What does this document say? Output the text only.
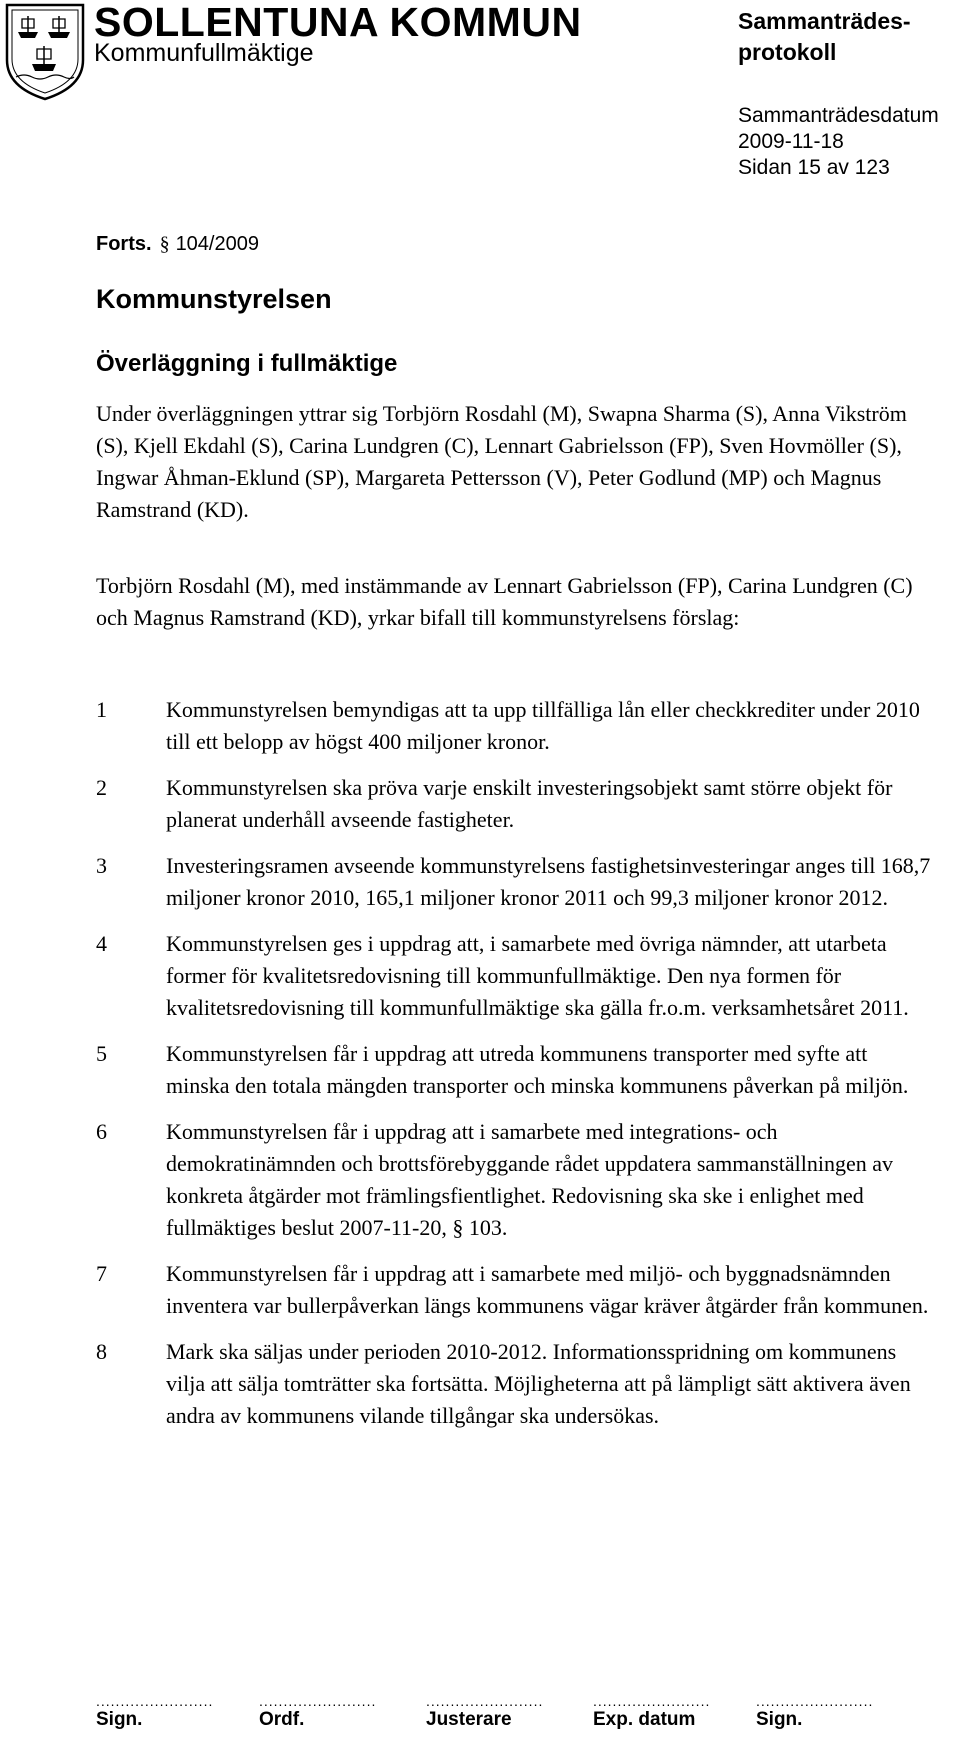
SOLLENTUNA KOMMUN
Kommunfullmäktige
Sammanträdes-
protokoll
Sammanträdesdatum
2009-11-18
Sidan 15 av 123
Forts. § 104/2009
Kommunstyrelsen
Överläggning i fullmäktige
Under överläggningen yttrar sig Torbjörn Rosdahl (M), Swapna Sharma (S), Anna Vikström (S), Kjell Ekdahl (S), Carina Lundgren (C), Lennart Gabrielsson (FP), Sven Hovmöller (S), Ingwar Åhman-Eklund (SP), Margareta Pettersson (V), Peter Godlund (MP) och Magnus Ramstrand (KD).
Torbjörn Rosdahl (M), med instämmande av Lennart Gabrielsson (FP), Carina Lundgren (C) och Magnus Ramstrand (KD), yrkar bifall till kommunstyrelsens förslag:
1	Kommunstyrelsen bemyndigas att ta upp tillfälliga lån eller checkkrediter under 2010 till ett belopp av högst 400 miljoner kronor.
2	Kommunstyrelsen ska pröva varje enskilt investeringsobjekt samt större objekt för planerat underhåll avseende fastigheter.
3	Investeringsramen avseende kommunstyrelsens fastighetsinvesteringar anges till 168,7 miljoner kronor 2010, 165,1 miljoner kronor 2011 och 99,3 miljoner kronor 2012.
4	Kommunstyrelsen ges i uppdrag att, i samarbete med övriga nämnder, att utarbeta former för kvalitetsredovisning till kommunfullmäktige. Den nya formen för kvalitetsredovisning till kommunfullmäktige ska gälla fr.o.m. verksamhetsåret 2011.
5	Kommunstyrelsen får i uppdrag att utreda kommunens transporter med syfte att minska den totala mängden transporter och minska kommunens påverkan på miljön.
6	Kommunstyrelsen får i uppdrag att i samarbete med integrations- och demokratinämnden och brottsförebyggande rådet uppdatera sammanställningen av konkreta åtgärder mot främlingsfientlighet. Redovisning ska ske i enlighet med fullmäktiges beslut 2007-11-20, § 103.
7	Kommunstyrelsen får i uppdrag att i samarbete med miljö- och byggnadsnämnden inventera var bullerpåverkan längs kommunens vägar kräver åtgärder från kommunen.
8	Mark ska säljas under perioden 2010-2012. Informationsspridning om kommunens vilja att sälja tomträtter ska fortsätta. Möjligheterna att på lämpligt sätt aktivera även andra av kommunens vilande tillgångar ska undersökas.
........................
Sign.
........................
Ordf.
........................
Justerare
........................
Exp. datum
........................
Sign.
